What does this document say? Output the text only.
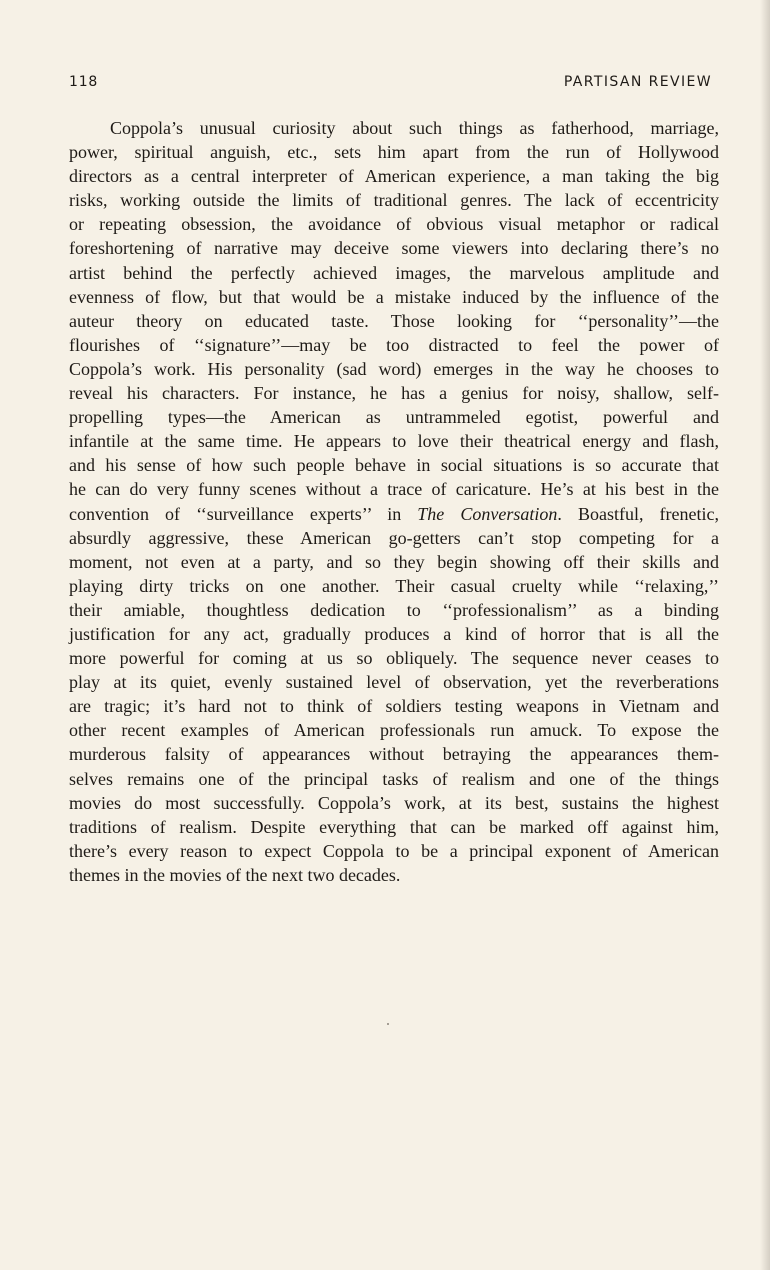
118	PARTISAN REVIEW
Coppola’s unusual curiosity about such things as fatherhood, marriage,
power, spiritual anguish, etc., sets him apart from the run of Hollywood
directors as a central interpreter of American experience, a man taking the big
risks, working outside the limits of traditional genres. The lack of eccentricity
or repeating obsession, the avoidance of obvious visual metaphor or radical
foreshortening of narrative may deceive some viewers into declaring there’s no
artist behind the perfectly achieved images, the marvelous amplitude and
evenness of flow, but that would be a mistake induced by the influence of the
auteur theory on educated taste. Those looking for ‘‘personality’’—the
flourishes of ‘‘signature’’—may be too distracted to feel the power of
Coppola’s work. His personality (sad word) emerges in the way he chooses to
reveal his characters. For instance, he has a genius for noisy, shallow, self-
propelling types—the American as untrammeled egotist, powerful and
infantile at the same time. He appears to love their theatrical energy and flash,
and his sense of how such people behave in social situations is so accurate that
he can do very funny scenes without a trace of caricature. He’s at his best in the
convention of ‘‘surveillance experts’’ in The Conversation. Boastful, frenetic,
absurdly aggressive, these American go-getters can’t stop competing for a
moment, not even at a party, and so they begin showing off their skills and
playing dirty tricks on one another. Their casual cruelty while ‘‘relaxing,’’
their amiable, thoughtless dedication to ‘‘professionalism’’ as a binding
justification for any act, gradually produces a kind of horror that is all the
more powerful for coming at us so obliquely. The sequence never ceases to
play at its quiet, evenly sustained level of observation, yet the reverberations
are tragic; it’s hard not to think of soldiers testing weapons in Vietnam and
other recent examples of American professionals run amuck. To expose the
murderous falsity of appearances without betraying the appearances them-
selves remains one of the principal tasks of realism and one of the things
movies do most successfully. Coppola’s work, at its best, sustains the highest
traditions of realism. Despite everything that can be marked off against him,
there’s every reason to expect Coppola to be a principal exponent of American
themes in the movies of the next two decades.
